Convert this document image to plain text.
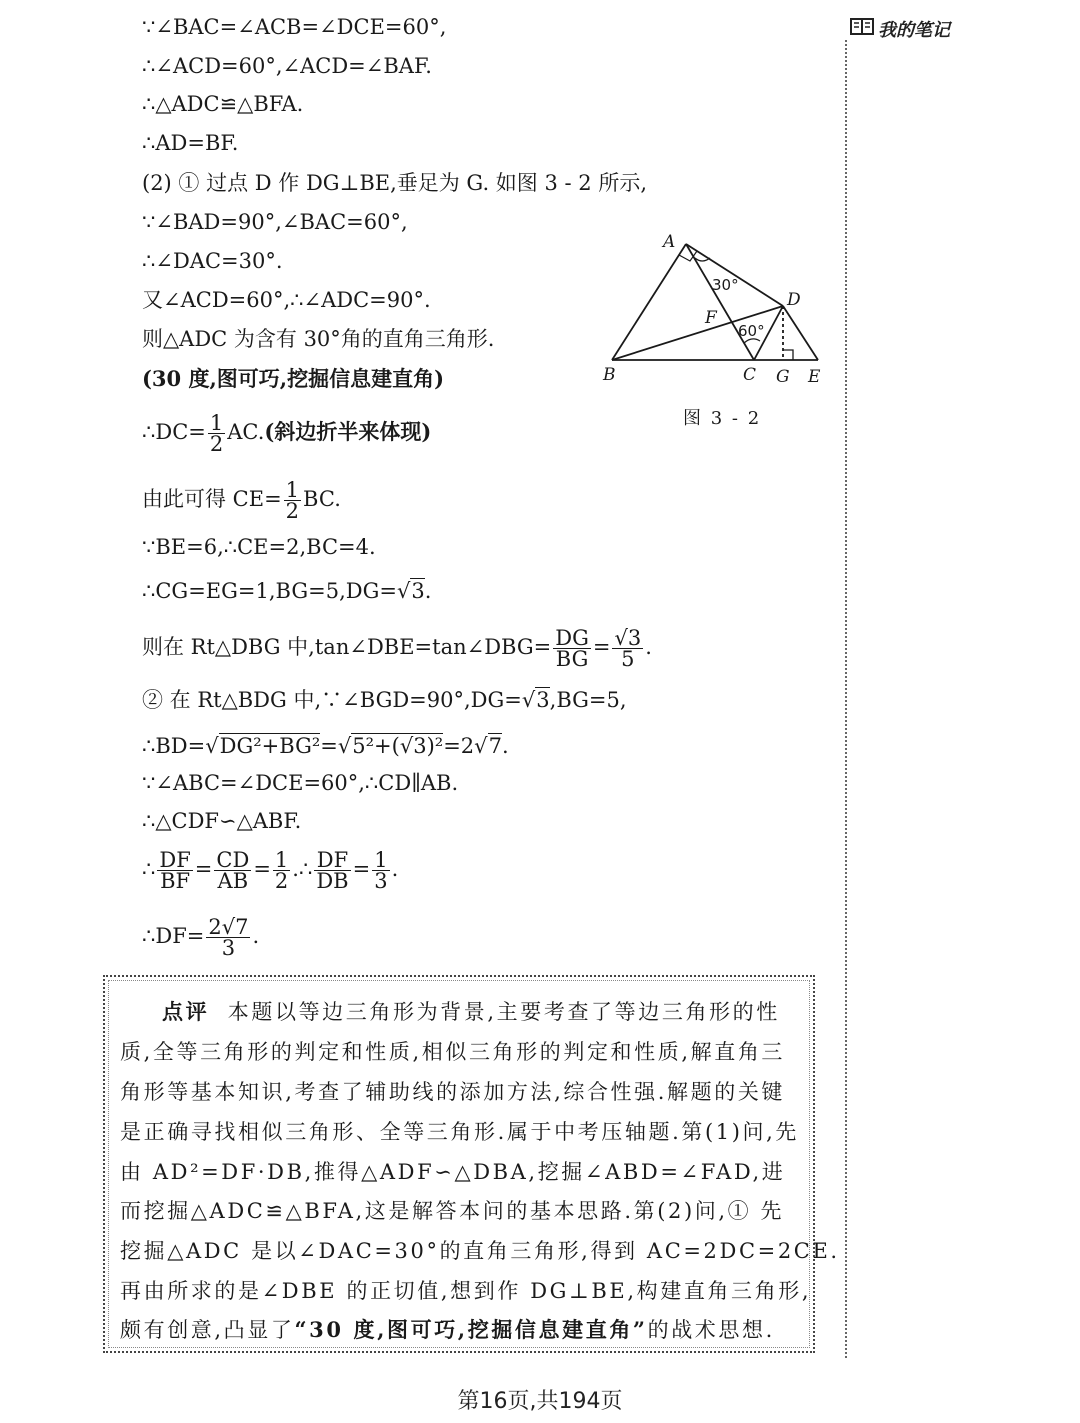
我的笔记
∵∠BAC=∠ACB=∠DCE=60°,
∴∠ACD=60°,∠ACD=∠BAF.
∴△ADC≌△BFA.
∴AD=BF.
(2) ① 过点 D 作 DG⊥BE,垂足为 G. 如图 3 - 2 所示,
∵∠BAD=90°,∠BAC=60°,
∴∠DAC=30°.
又∠ACD=60°,∴∠ADC=90°.
则△ADC 为含有 30°角的直角三角形.
(30 度,图可巧,挖掘信息建直角)
∴DC= $\frac{1}{2} AC$.(斜边折半来体现)
由此可得 $CE= \frac{1}{2}$ BC.
∵BE=6,∴CE=2,BC=4.
∴CG=EG=1,BG=5,DG=√3.
则在 Rt△DBG 中,tan∠DBE=tan∠DBG= $\frac{DG}{BG} = \frac{√3}{5}$ .
② 在 Rt△BDG 中,∵∠BGD=90°,DG=√3,BG=5,
∴BD=√DG²+BG²=√5²+(√3)²=2√7.
∵∠ABC=∠DCE=60°,∴CD∥AB.
∴△CDF∽△ABF.
∴ $\frac{DF}{BF} = \frac{CD}{AB} = \frac{1}{2}$ .∴ $\frac{DF}{DB} = \frac{1}{3}$ .
∴DF= $\frac{2√7}{3}$ .
A
B	C
D
E
F
G
30°
60°
图 3 - 2
点评 本题以等边三角形为背景,主要考查了等边三角形的性
质,全等三角形的判定和性质,相似三角形的判定和性质,解直角三
角形等基本知识,考查了辅助线的添加方法,综合性强.解题的关键
是正确寻找相似三角形、全等三角形.属于中考压轴题.第(1)问,先
由 AD²=DF·DB,推得△ADF∽△DBA,挖掘∠ABD=∠FAD,进
而挖掘△ADC≌△BFA,这是解答本问的基本思路.第(2)问,① 先
挖掘△ADC 是以∠DAC=30°的直角三角形,得到 AC=2DC=2CE.
再由所求的是∠DBE 的正切值,想到作 DG⊥BE,构建直角三角形,
颇有创意,凸显了“30 度,图可巧,挖掘信息建直角”的战术思想.
第16页,共194页
